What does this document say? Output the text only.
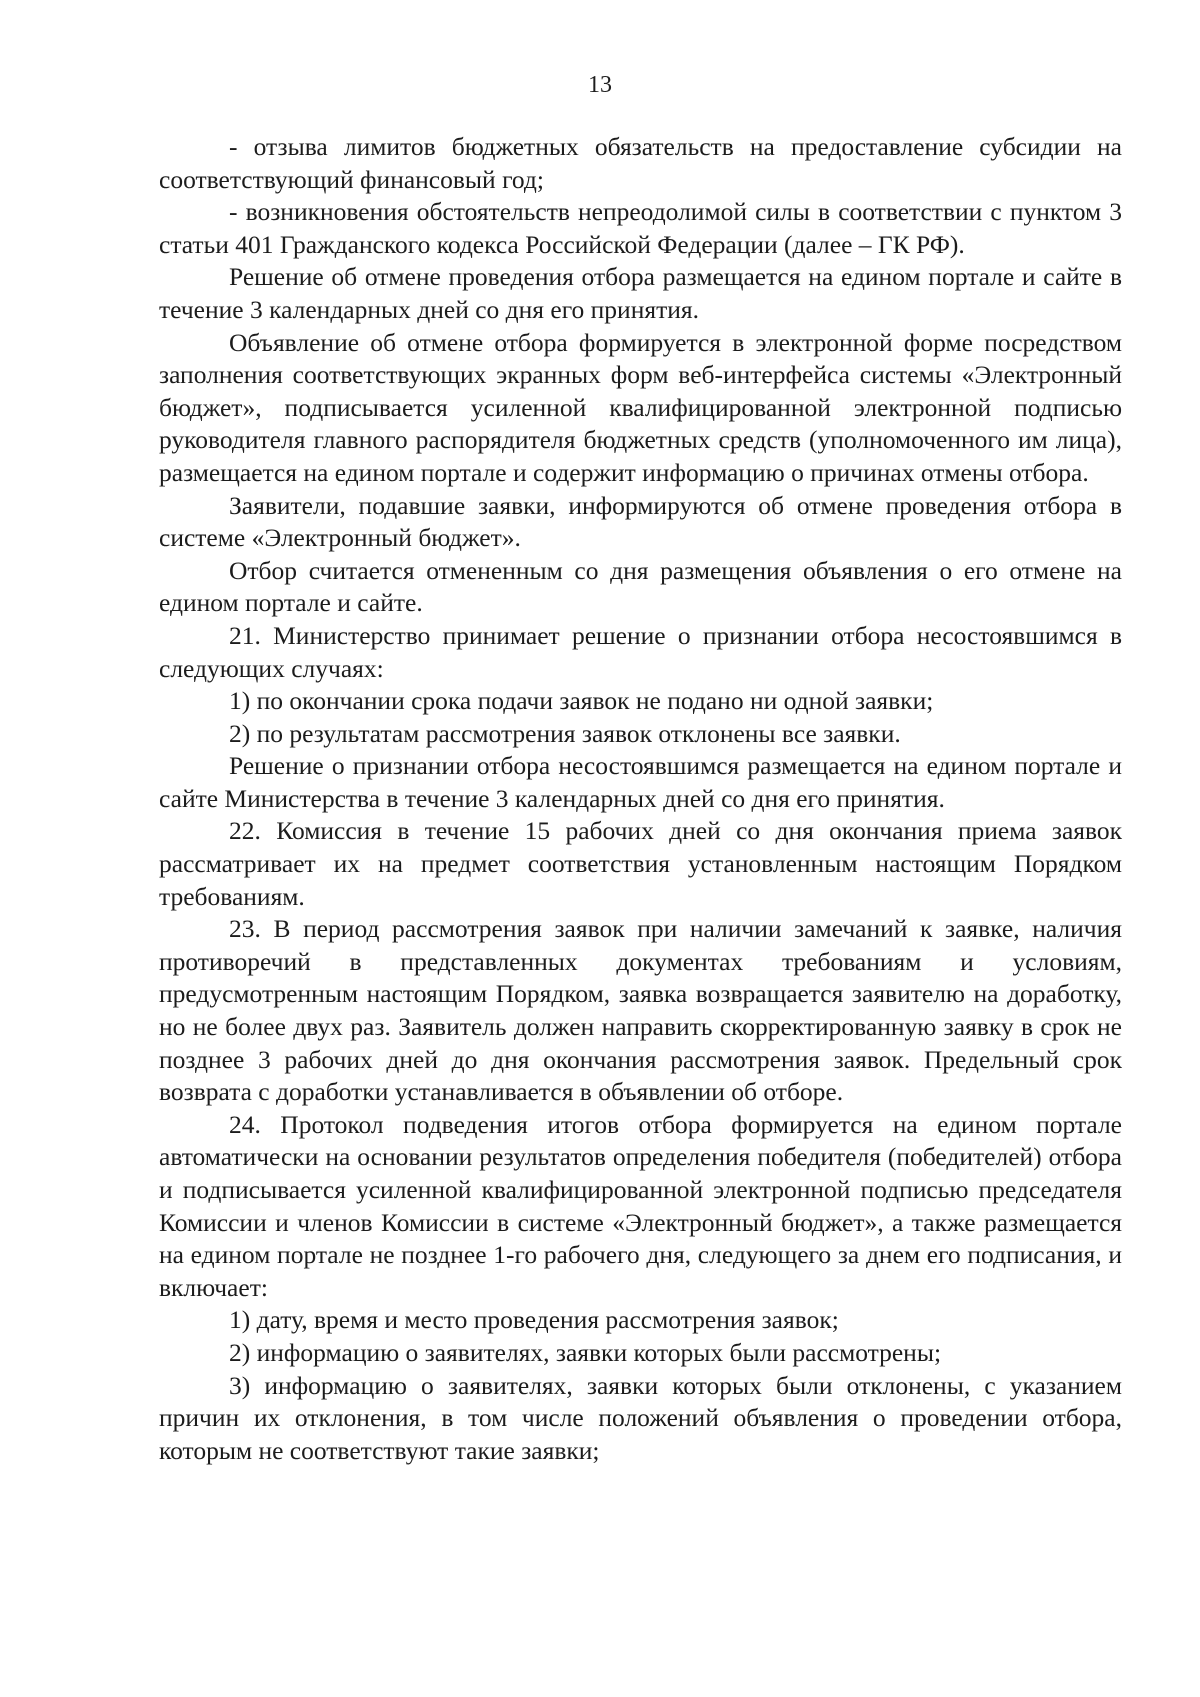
13

- отзыва лимитов бюджетных обязательств на предоставление субсидии на соответствующий финансовый год;

- возникновения обстоятельств непреодолимой силы в соответствии с пунктом 3 статьи 401 Гражданского кодекса Российской Федерации (далее – ГК РФ).

Решение об отмене проведения отбора размещается на едином портале и сайте в течение 3 календарных дней со дня его принятия.

Объявление об отмене отбора формируется в электронной форме посредством заполнения соответствующих экранных форм веб-интерфейса системы «Электронный бюджет», подписывается усиленной квалифицированной электронной подписью руководителя главного распорядителя бюджетных средств (уполномоченного им лица), размещается на едином портале и содержит информацию о причинах отмены отбора.

Заявители, подавшие заявки, информируются об отмене проведения отбора в системе «Электронный бюджет».

Отбор считается отмененным со дня размещения объявления о его отмене на едином портале и сайте.

21. Министерство принимает решение о признании отбора несостоявшимся в следующих случаях:

1) по окончании срока подачи заявок не подано ни одной заявки;

2) по результатам рассмотрения заявок отклонены все заявки.

Решение о признании отбора несостоявшимся размещается на едином портале и сайте Министерства в течение 3 календарных дней со дня его принятия.

22. Комиссия в течение 15 рабочих дней со дня окончания приема заявок рассматривает их на предмет соответствия установленным настоящим Порядком требованиям.

23. В период рассмотрения заявок при наличии замечаний к заявке, наличия противоречий в представленных документах требованиям и условиям, предусмотренным настоящим Порядком, заявка возвращается заявителю на доработку, но не более двух раз. Заявитель должен направить скорректированную заявку в срок не позднее 3 рабочих дней до дня окончания рассмотрения заявок. Предельный срок возврата с доработки устанавливается в объявлении об отборе.

24. Протокол подведения итогов отбора формируется на едином портале автоматически на основании результатов определения победителя (победителей) отбора и подписывается усиленной квалифицированной электронной подписью председателя Комиссии и членов Комиссии в системе «Электронный бюджет», а также размещается на едином портале не позднее 1-го рабочего дня, следующего за днем его подписания, и включает:

1) дату, время и место проведения рассмотрения заявок;

2) информацию о заявителях, заявки которых были рассмотрены;

3) информацию о заявителях, заявки которых были отклонены, с указанием причин их отклонения, в том числе положений объявления о проведении отбора, которым не соответствуют такие заявки;
